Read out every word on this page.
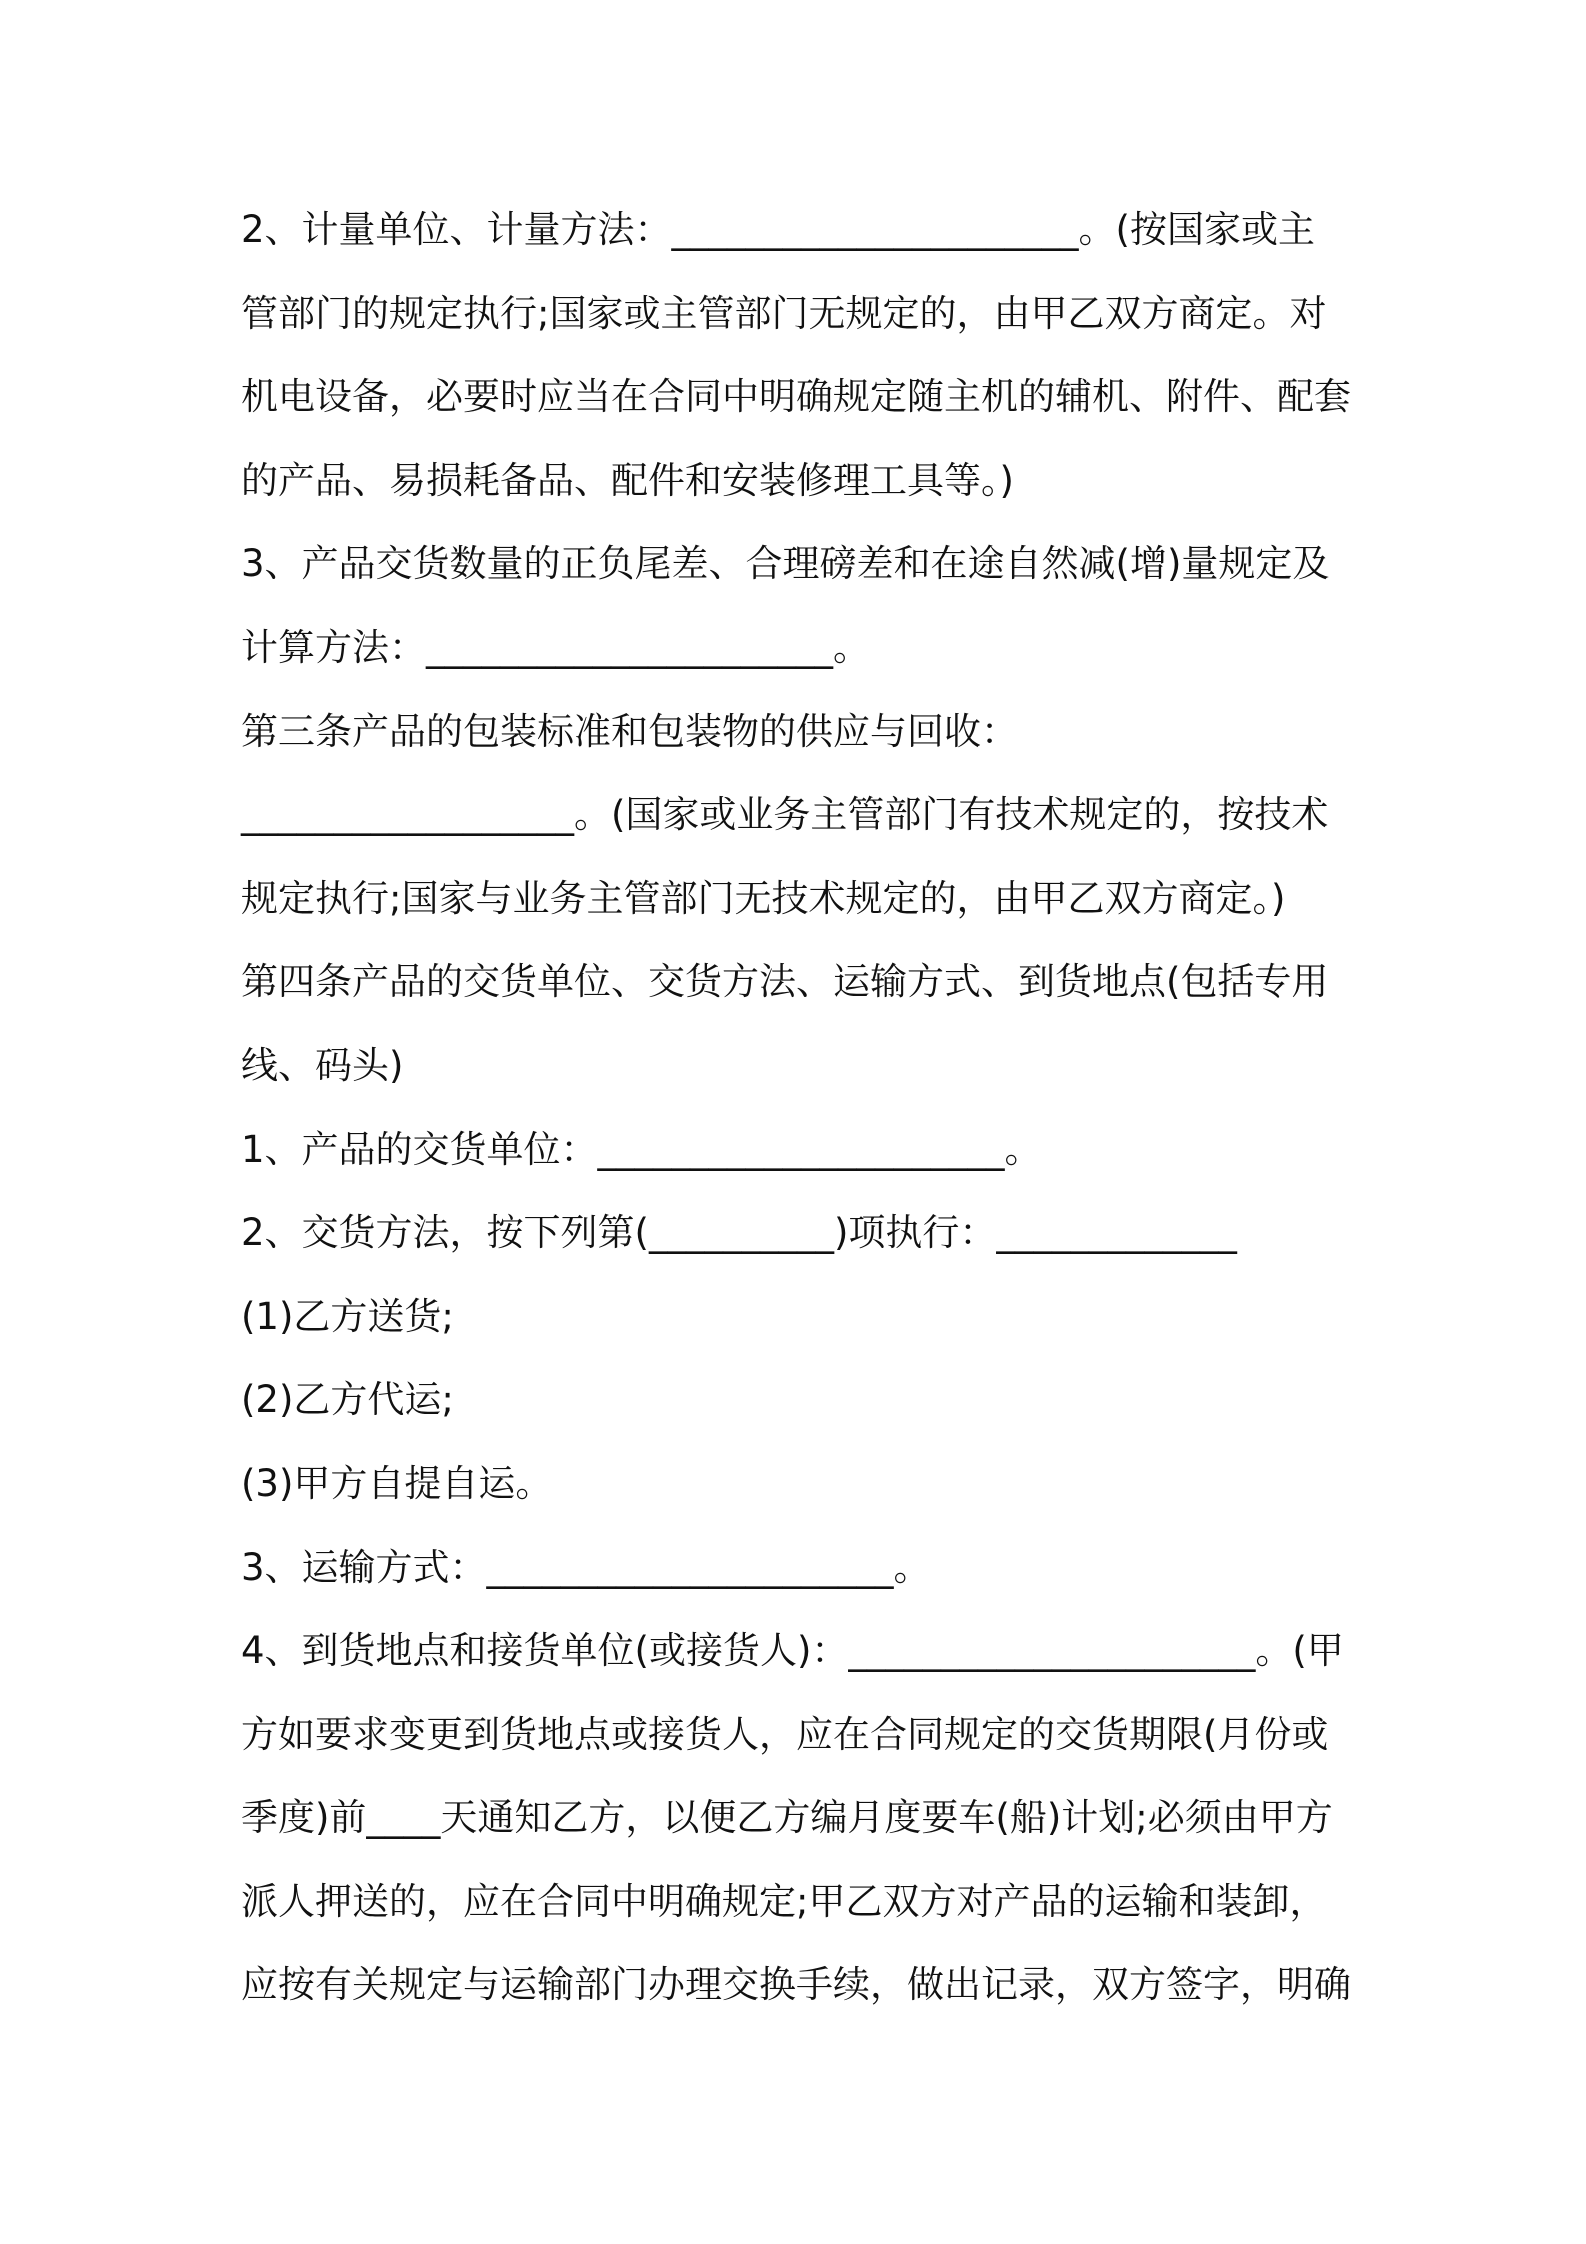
2、计量单位、计量方法：______________________。(按国家或主
管部门的规定执行;国家或主管部门无规定的，由甲乙双方商定。对
机电设备，必要时应当在合同中明确规定随主机的辅机、附件、配套
的产品、易损耗备品、配件和安装修理工具等。)
3、产品交货数量的正负尾差、合理磅差和在途自然减(增)量规定及
计算方法：______________________。
第三条产品的包装标准和包装物的供应与回收：
__________________。(国家或业务主管部门有技术规定的，按技术
规定执行;国家与业务主管部门无技术规定的，由甲乙双方商定。)
第四条产品的交货单位、交货方法、运输方式、到货地点(包括专用
线、码头)
1、产品的交货单位：______________________。
2、交货方法，按下列第(__________)项执行：_____________
(1)乙方送货;
(2)乙方代运;
(3)甲方自提自运。
3、运输方式：______________________。
4、到货地点和接货单位(或接货人)：______________________。(甲
方如要求变更到货地点或接货人，应在合同规定的交货期限(月份或
季度)前____天通知乙方，以便乙方编月度要车(船)计划;必须由甲方
派人押送的，应在合同中明确规定;甲乙双方对产品的运输和装卸，
应按有关规定与运输部门办理交换手续，做出记录，双方签字，明确
